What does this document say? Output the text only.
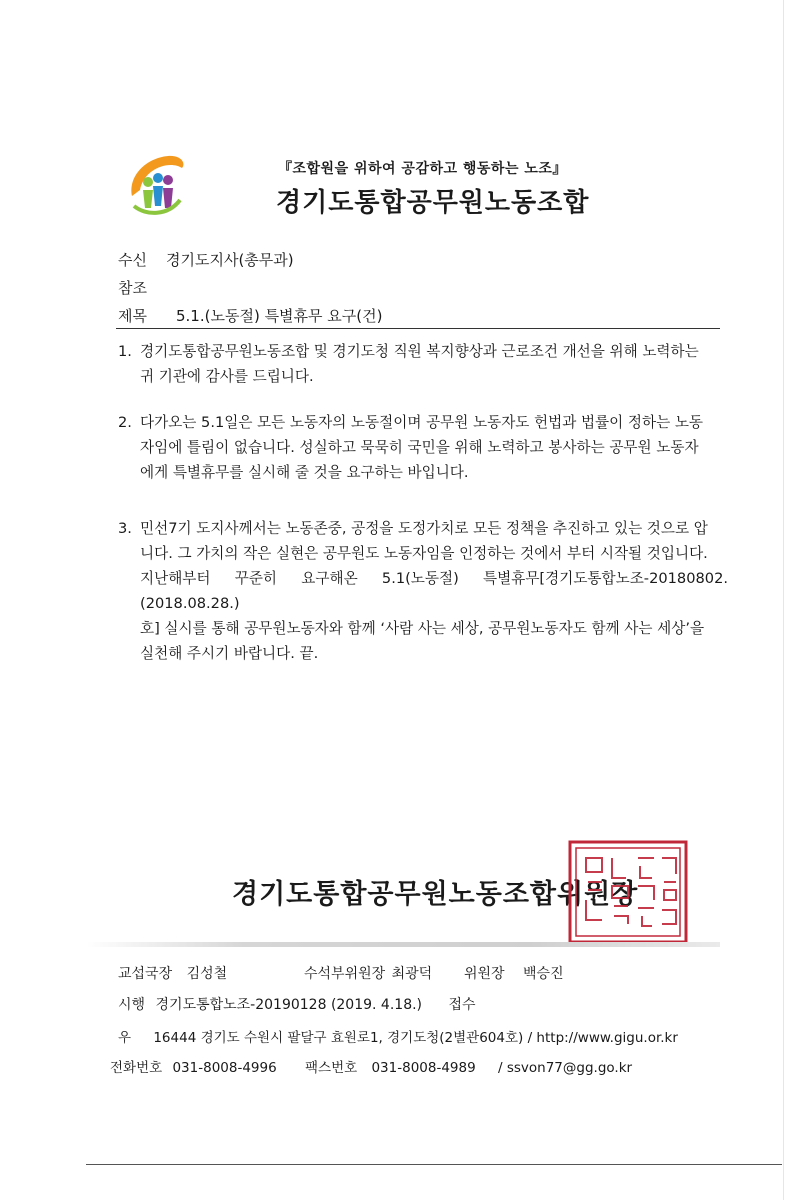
『조합원을 위하여 공감하고 행동하는 노조』
경기도통합공무원노동조합
수신 경기도지사(총무과)
참조
제목 5.1.(노동절) 특별휴무 요구(건)
1. 경기도통합공무원노동조합 및 경기도청 직원 복지향상과 근로조건 개선을 위해 노력하는
귀 기관에 감사를 드립니다.
2. 다가오는 5.1일은 모든 노동자의 노동절이며 공무원 노동자도 헌법과 법률이 정하는 노동
자임에 틀림이 없습니다. 성실하고 묵묵히 국민을 위해 노력하고 봉사하는 공무원 노동자
에게 특별휴무를 실시해 줄 것을 요구하는 바입니다.
3. 민선7기 도지사께서는 노동존중, 공정을 도정가치로 모든 정책을 추진하고 있는 것으로 압
니다. 그 가치의 작은 실현은 공무원도 노동자임을 인정하는 것에서 부터 시작될 것입니다.
지난해부터 꾸준히 요구해온 5.1(노동절) 특별휴무[경기도통합노조-20180802.(2018.08.28.)
호] 실시를 통해 공무원노동자와 함께 ‘사람 사는 세상, 공무원노동자도 함께 사는 세상’을
실천해 주시기 바랍니다. 끝.
경기도통합공무원노동조합위원장
교섭국장 김성철	수석부위원장 최광덕 위원장 백승진
시행 경기도통합노조-20190128 (2019. 4.18.) 접수
우 16444 경기도 수원시 팔달구 효원로1, 경기도청(2별관604호) / http://www.gigu.or.kr
전화번호 031-8008-4996 팩스번호 031-8008-4989 / ssvon77@gg.go.kr
